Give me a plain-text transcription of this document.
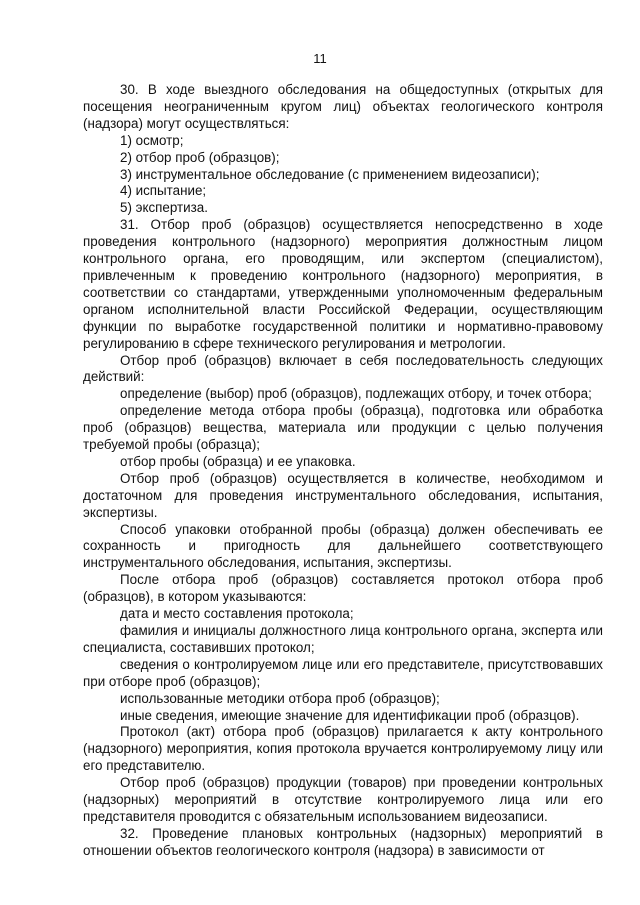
11

30. В ходе выездного обследования на общедоступных (открытых для посещения неограниченным кругом лиц) объектах геологического контроля (надзора) могут осуществляться:

1) осмотр;

2) отбор проб (образцов);

3) инструментальное обследование (с применением видеозаписи);

4) испытание;

5) экспертиза.

31. Отбор проб (образцов) осуществляется непосредственно в ходе проведения контрольного (надзорного) мероприятия должностным лицом контрольного органа, его проводящим, или экспертом (специалистом), привлеченным к проведению контрольного (надзорного) мероприятия, в соответствии со стандартами, утвержденными уполномоченным федеральным органом исполнительной власти Российской Федерации, осуществляющим функции по выработке государственной политики и нормативно-правовому регулированию в сфере технического регулирования и метрологии.

Отбор проб (образцов) включает в себя последовательность следующих действий:

определение (выбор) проб (образцов), подлежащих отбору, и точек отбора;

определение метода отбора пробы (образца), подготовка или обработка проб (образцов) вещества, материала или продукции с целью получения требуемой пробы (образца);

отбор пробы (образца) и ее упаковка.

Отбор проб (образцов) осуществляется в количестве, необходимом и достаточном для проведения инструментального обследования, испытания, экспертизы.

Способ упаковки отобранной пробы (образца) должен обеспечивать ее сохранность и пригодность для дальнейшего соответствующего инструментального обследования, испытания, экспертизы.

После отбора проб (образцов) составляется протокол отбора проб (образцов), в котором указываются:

дата и место составления протокола;

фамилия и инициалы должностного лица контрольного органа, эксперта или специалиста, составивших протокол;

сведения о контролируемом лице или его представителе, присутствовавших при отборе проб (образцов);

использованные методики отбора проб (образцов);

иные сведения, имеющие значение для идентификации проб (образцов).

Протокол (акт) отбора проб (образцов) прилагается к акту контрольного (надзорного) мероприятия, копия протокола вручается контролируемому лицу или его представителю.

Отбор проб (образцов) продукции (товаров) при проведении контрольных (надзорных) мероприятий в отсутствие контролируемого лица или его представителя проводится с обязательным использованием видеозаписи.

32. Проведение плановых контрольных (надзорных) мероприятий в отношении объектов геологического контроля (надзора) в зависимости от
